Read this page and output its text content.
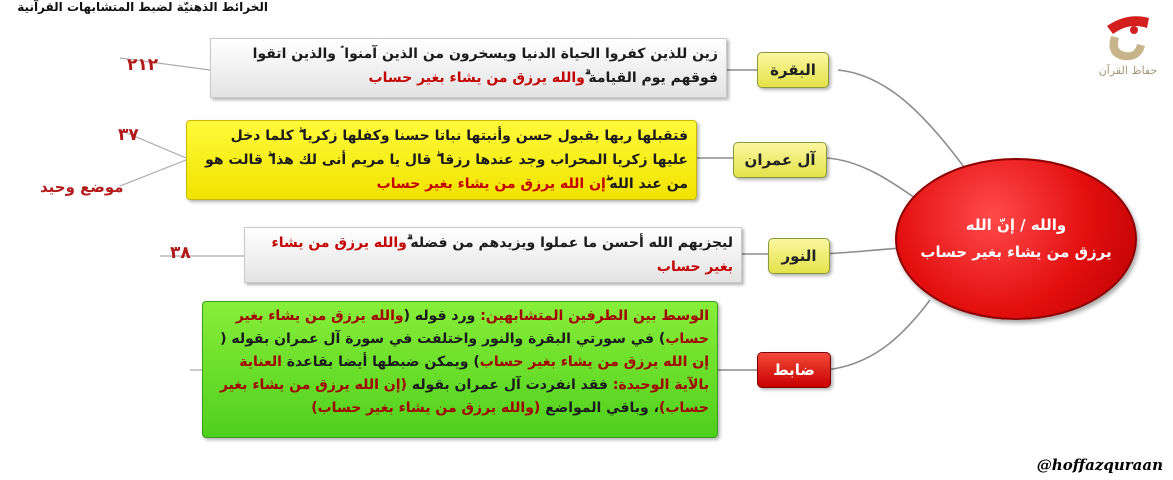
الخرائط الذهنيّة لضبط المتشابهات القرآنية
حفاظ القرآن
والله / إنّ الله
يرزق من يشاء بغير حساب
البقرة
زين للذين كفروا الحياة الدنيا ويسخرون من الذين آمنوا ۘ والذين اتقوا فوقهم يوم القيامة ۗوالله يرزق من يشاء بغير حساب
٢١٢
آل عمران
فتقبلها ربها بقبول حسن وأنبتها نباتا حسنا وكفلها زكريا ۖ كلما دخل عليها زكريا المحراب وجد عندها رزقا ۖ قال يا مريم أنى لك هذا ۖ قالت هو من عند الله ۖإن الله يرزق من يشاء بغير حساب
٣٧
موضع وحيد
النور
ليجزيهم الله أحسن ما عملوا ويزيدهم من فضله ۗوالله يرزق من يشاء بغير حساب
٣٨
ضابط
الوسط بين الطرفين المتشابهين: ورد قوله (والله يرزق من يشاء بغير حساب) في سورتي البقرة والنور واختلفت في سورة آل عمران بقوله ( إن الله يرزق من يشاء بغير حساب) ويمكن ضبطها أيضا بقاعدة العناية بالآية الوحيدة: فقد انفردت آل عمران بقوله (إن الله يرزق من يشاء بغير حساب)، وباقي المواضع (والله يرزق من يشاء بغير حساب)
@hoffazquraan
